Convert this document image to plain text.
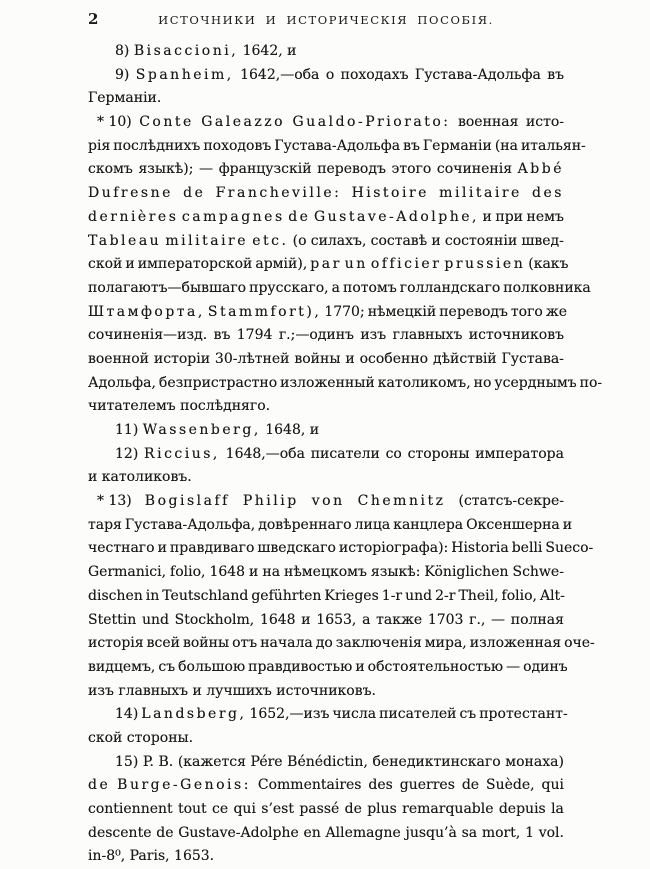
2	ИСТОЧНИКИ И ИСТОРИЧЕСКІЯ ПОСОБІЯ.
8) Bisaccioni, 1642, и
9) Spanheim, 1642,—оба о походахъ Густава-Адольфа въ
Германіи.
* 10) Conte Galeazzo Gualdo-Priorato: военная исто-
рія послѣднихъ походовъ Густава-Адольфа въ Германіи (на итальян-
скомъ языкѣ); — французскій переводъ этого сочиненія Abbé
Dufresne de Francheville: Histoire militaire des
dernières campagnes de Gustave-Adolphe, и при немъ
Tableau militaire etc. (о силахъ, составѣ и состояніи швед-
ской и императорской армій), par un officier prussien (какъ
полагаютъ—бывшаго прусскаго, а потомъ голландскаго полковника
Штамфорта, Stammfort), 1770; нѣмецкій переводъ того же
сочиненія—изд. въ 1794 г.;—одинъ изъ главныхъ источниковъ
военной исторіи 30-лѣтней войны и особенно дѣйствій Густава-
Адольфа, безпристрастно изложенный католикомъ, но усерднымъ по-
читателемъ послѣдняго.
11) Wassenberg, 1648, и
12) Riccius, 1648,—оба писатели со стороны императора
и католиковъ.
* 13) Bogislaff Philip von Chemnitz (статсъ-секре-
таря Густава-Адольфа, довѣреннаго лица канцлера Оксеншерна и
честнаго и правдиваго шведскаго исторіографа): Historia belli Sueco-
Germanici, folio, 1648 и на нѣмецкомъ языкѣ: Königlichen Schwe-
dischen in Teutschland geführten Krieges 1-r und 2-r Theil, folio, Alt-
Stettin und Stockholm, 1648 и 1653, а также 1703 г., — полная
исторія всей войны отъ начала до заключенія мира, изложенная оче-
видцемъ, съ большою правдивостью и обстоятельностью — одинъ
изъ главныхъ и лучшихъ источниковъ.
14) Landsberg, 1652,—изъ числа писателей съ протестант-
ской стороны.
15) P. B. (кажется Pére Bénédictin, бенедиктинскаго монаха)
de Burge-Genois: Commentaires des guerres de Suède, qui
contiennent tout ce qui s’est passé de plus remarquable depuis la
descente de Gustave-Adolphe en Allemagne jusqu’à sa mort, 1 vol.
in-8⁰, Paris, 1653.
